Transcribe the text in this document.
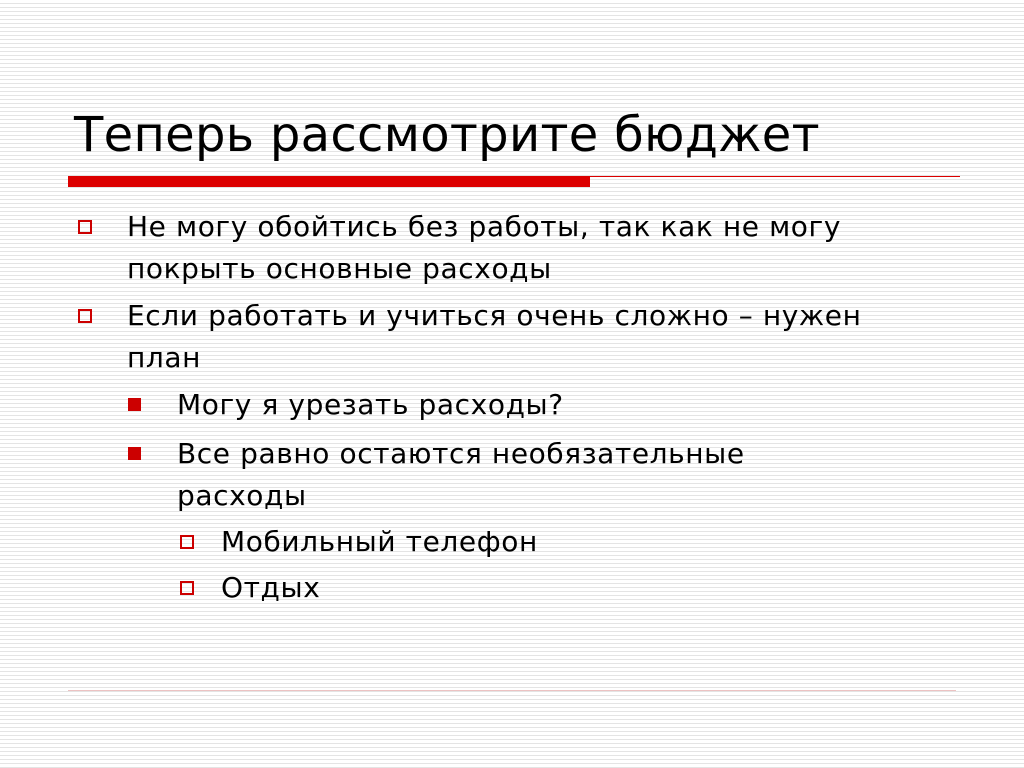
Теперь рассмотрите бюджет
Не могу обойтись без работы, так как не могу покрыть основные расходы
Если работать и учиться очень сложно – нужен план
Могу я урезать расходы?
Все равно остаются необязательные расходы
Мобильный телефон
Отдых
